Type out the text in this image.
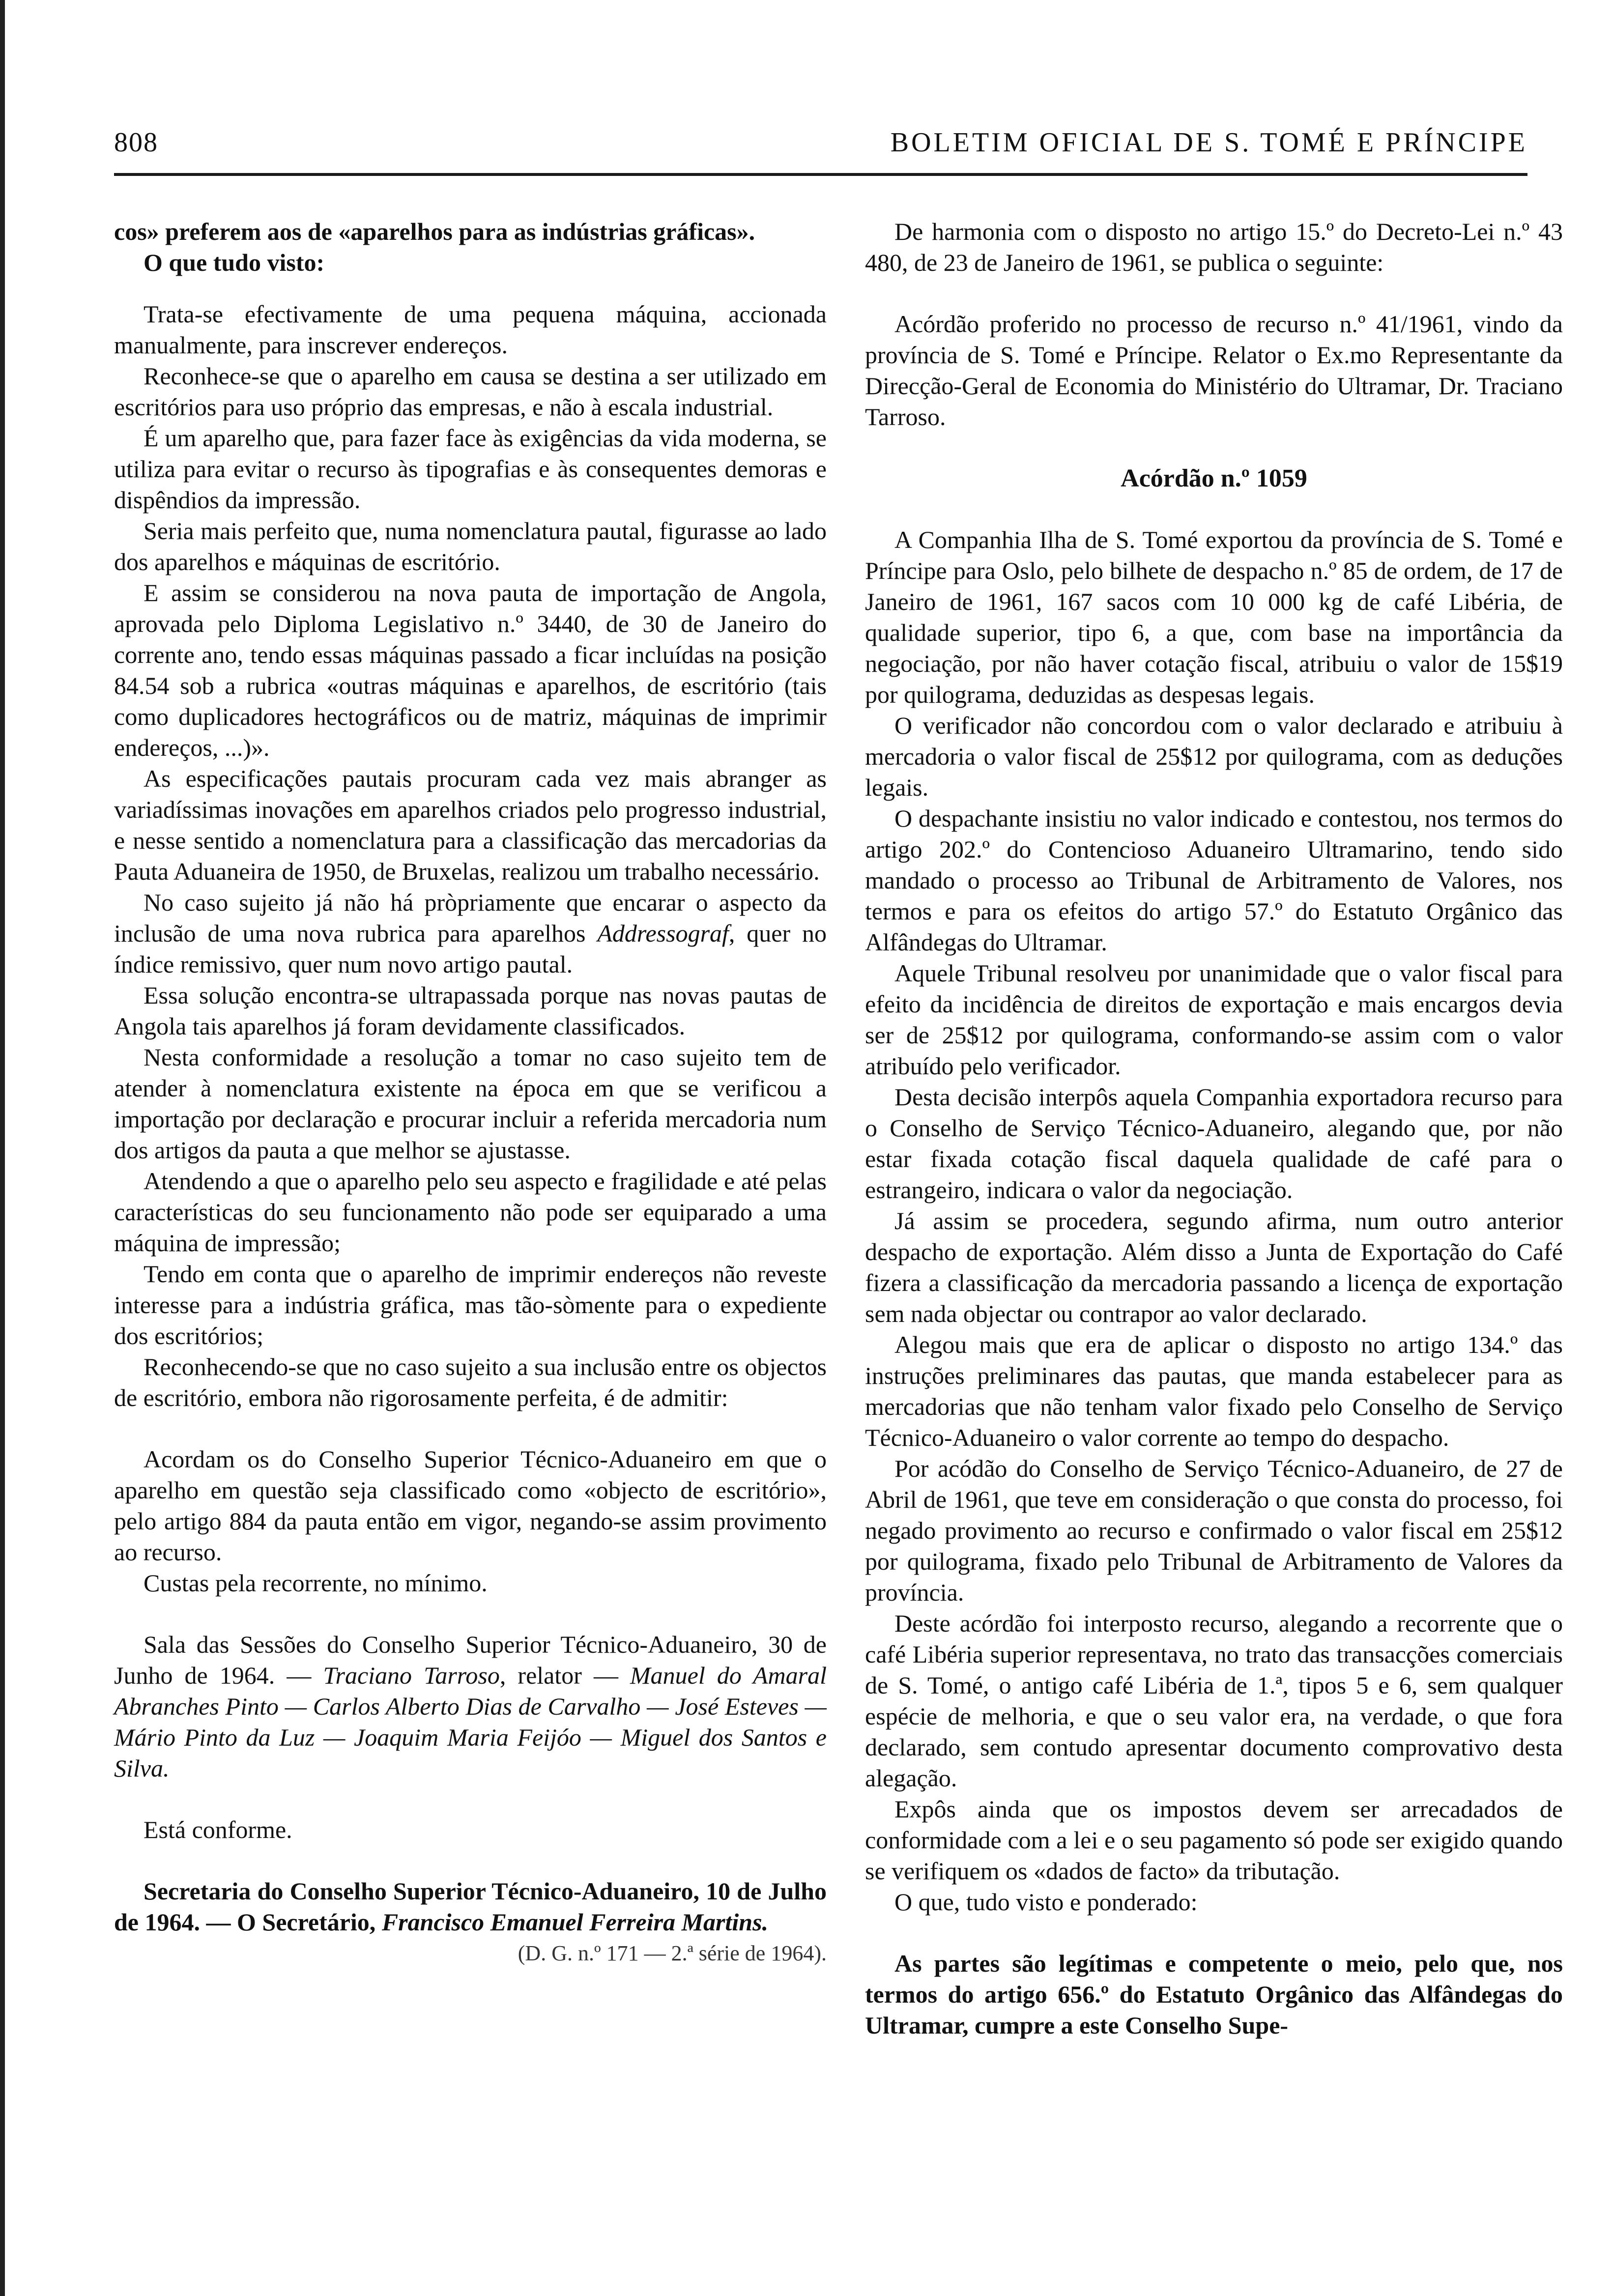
808	BOLETIM OFICIAL DE S. TOMÉ E PRÍNCIPE

cos» preferem aos de «aparelhos para as indústrias gráficas».

O que tudo visto:

Trata-se efectivamente de uma pequena máquina, accionada manualmente, para inscrever endereços.

Reconhece-se que o aparelho em causa se destina a ser utilizado em escritórios para uso próprio das empresas, e não à escala industrial.

É um aparelho que, para fazer face às exigências da vida moderna, se utiliza para evitar o recurso às tipografias e às consequentes demoras e dispêndios da impressão.

Seria mais perfeito que, numa nomenclatura pautal, figurasse ao lado dos aparelhos e máquinas de escritório.

E assim se considerou na nova pauta de importação de Angola, aprovada pelo Diploma Legislativo n.º 3440, de 30 de Janeiro do corrente ano, tendo essas máquinas passado a ficar incluídas na posição 84.54 sob a rubrica «outras máquinas e aparelhos, de escritório (tais como duplicadores hectográficos ou de matriz, máquinas de imprimir endereços, ...)».

As especificações pautais procuram cada vez mais abranger as variadíssimas inovações em aparelhos criados pelo progresso industrial, e nesse sentido a nomenclatura para a classificação das mercadorias da Pauta Aduaneira de 1950, de Bruxelas, realizou um trabalho necessário.

No caso sujeito já não há pròpriamente que encarar o aspecto da inclusão de uma nova rubrica para aparelhos Addressograf, quer no índice remissivo, quer num novo artigo pautal.

Essa solução encontra-se ultrapassada porque nas novas pautas de Angola tais aparelhos já foram devidamente classificados.

Nesta conformidade a resolução a tomar no caso sujeito tem de atender à nomenclatura existente na época em que se verificou a importação por declaração e procurar incluir a referida mercadoria num dos artigos da pauta a que melhor se ajustasse.

Atendendo a que o aparelho pelo seu aspecto e fragilidade e até pelas características do seu funcionamento não pode ser equiparado a uma máquina de impressão;

Tendo em conta que o aparelho de imprimir endereços não reveste interesse para a indústria gráfica, mas tão-sòmente para o expediente dos escritórios;

Reconhecendo-se que no caso sujeito a sua inclusão entre os objectos de escritório, embora não rigorosamente perfeita, é de admitir:

Acordam os do Conselho Superior Técnico-Aduaneiro em que o aparelho em questão seja classificado como «objecto de escritório», pelo artigo 884 da pauta então em vigor, negando-se assim provimento ao recurso.

Custas pela recorrente, no mínimo.

Sala das Sessões do Conselho Superior Técnico-Aduaneiro, 30 de Junho de 1964. — Traciano Tarroso, relator — Manuel do Amaral Abranches Pinto — Carlos Alberto Dias de Carvalho — José Esteves — Mário Pinto da Luz — Joaquim Maria Feijóo — Miguel dos Santos e Silva.

Está conforme.

Secretaria do Conselho Superior Técnico-Aduaneiro, 10 de Julho de 1964. — O Secretário, Francisco Emanuel Ferreira Martins.

(D. G. n.º 171 — 2.ª série de 1964).

De harmonia com o disposto no artigo 15.º do Decreto-Lei n.º 43 480, de 23 de Janeiro de 1961, se publica o seguinte:

Acórdão proferido no processo de recurso n.º 41/1961, vindo da província de S. Tomé e Príncipe. Relator o Ex.mo Representante da Direcção-Geral de Economia do Ministério do Ultramar, Dr. Traciano Tarroso.

Acórdão n.º 1059

A Companhia Ilha de S. Tomé exportou da província de S. Tomé e Príncipe para Oslo, pelo bilhete de despacho n.º 85 de ordem, de 17 de Janeiro de 1961, 167 sacos com 10 000 kg de café Libéria, de qualidade superior, tipo 6, a que, com base na importância da negociação, por não haver cotação fiscal, atribuiu o valor de 15$19 por quilograma, deduzidas as despesas legais.

O verificador não concordou com o valor declarado e atribuiu à mercadoria o valor fiscal de 25$12 por quilograma, com as deduções legais.

O despachante insistiu no valor indicado e contestou, nos termos do artigo 202.º do Contencioso Aduaneiro Ultramarino, tendo sido mandado o processo ao Tribunal de Arbitramento de Valores, nos termos e para os efeitos do artigo 57.º do Estatuto Orgânico das Alfândegas do Ultramar.

Aquele Tribunal resolveu por unanimidade que o valor fiscal para efeito da incidência de direitos de exportação e mais encargos devia ser de 25$12 por quilograma, conformando-se assim com o valor atribuído pelo verificador.

Desta decisão interpôs aquela Companhia exportadora recurso para o Conselho de Serviço Técnico-Aduaneiro, alegando que, por não estar fixada cotação fiscal daquela qualidade de café para o estrangeiro, indicara o valor da negociação.

Já assim se procedera, segundo afirma, num outro anterior despacho de exportação. Além disso a Junta de Exportação do Café fizera a classificação da mercadoria passando a licença de exportação sem nada objectar ou contrapor ao valor declarado.

Alegou mais que era de aplicar o disposto no artigo 134.º das instruções preliminares das pautas, que manda estabelecer para as mercadorias que não tenham valor fixado pelo Conselho de Serviço Técnico-Aduaneiro o valor corrente ao tempo do despacho.

Por acódão do Conselho de Serviço Técnico-Aduaneiro, de 27 de Abril de 1961, que teve em consideração o que consta do processo, foi negado provimento ao recurso e confirmado o valor fiscal em 25$12 por quilograma, fixado pelo Tribunal de Arbitramento de Valores da província.

Deste acórdão foi interposto recurso, alegando a recorrente que o café Libéria superior representava, no trato das transacções comerciais de S. Tomé, o antigo café Libéria de 1.ª, tipos 5 e 6, sem qualquer espécie de melhoria, e que o seu valor era, na verdade, o que fora declarado, sem contudo apresentar documento comprovativo desta alegação.

Expôs ainda que os impostos devem ser arrecadados de conformidade com a lei e o seu pagamento só pode ser exigido quando se verifiquem os «dados de facto» da tributação.

O que, tudo visto e ponderado:

As partes são legítimas e competente o meio, pelo que, nos termos do artigo 656.º do Estatuto Orgânico das Alfândegas do Ultramar, cumpre a este Conselho Supe-
